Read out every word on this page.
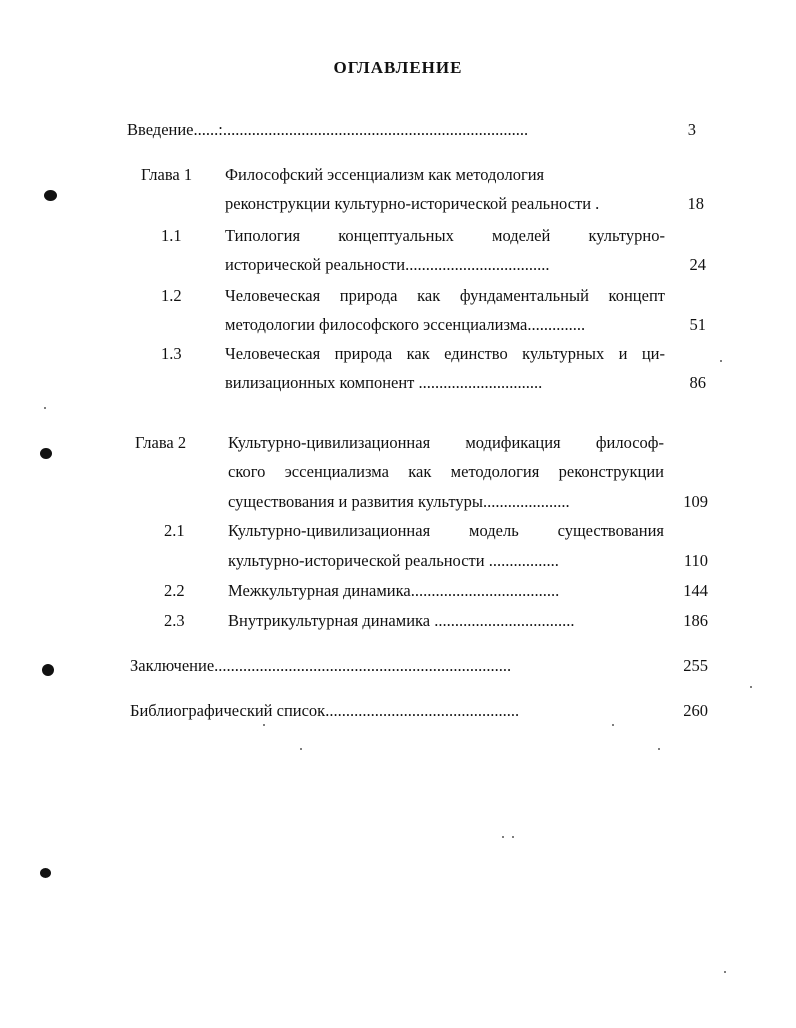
ОГЛАВЛЕНИЕ
Введение......:..........................................................................	3
Глава 1 Философский эссенциализм как методология
реконструкции культурно-исторической реальности .	18
1.1	Типология концептуальных моделей культурно-
исторической реальности...................................	24
1.2	Человеческая природа как фундаментальный концепт
методологии философского эссенциализма..............	51
1.3	Человеческая природа как единство культурных и ци-
вилизационных компонент ..............................	86
Глава 2	Культурно-цивилизационная модификация философ-
ского эссенциализма как методология реконструкции
существования и развития культуры.....................	109
2.1	Культурно-цивилизационная модель существования
культурно-исторической реальности .................	110
2.2	Межкультурная динамика....................................	144
2.3	Внутрикультурная динамика ..................................	186
Заключение........................................................................	255
Библиографический список...............................................	260
